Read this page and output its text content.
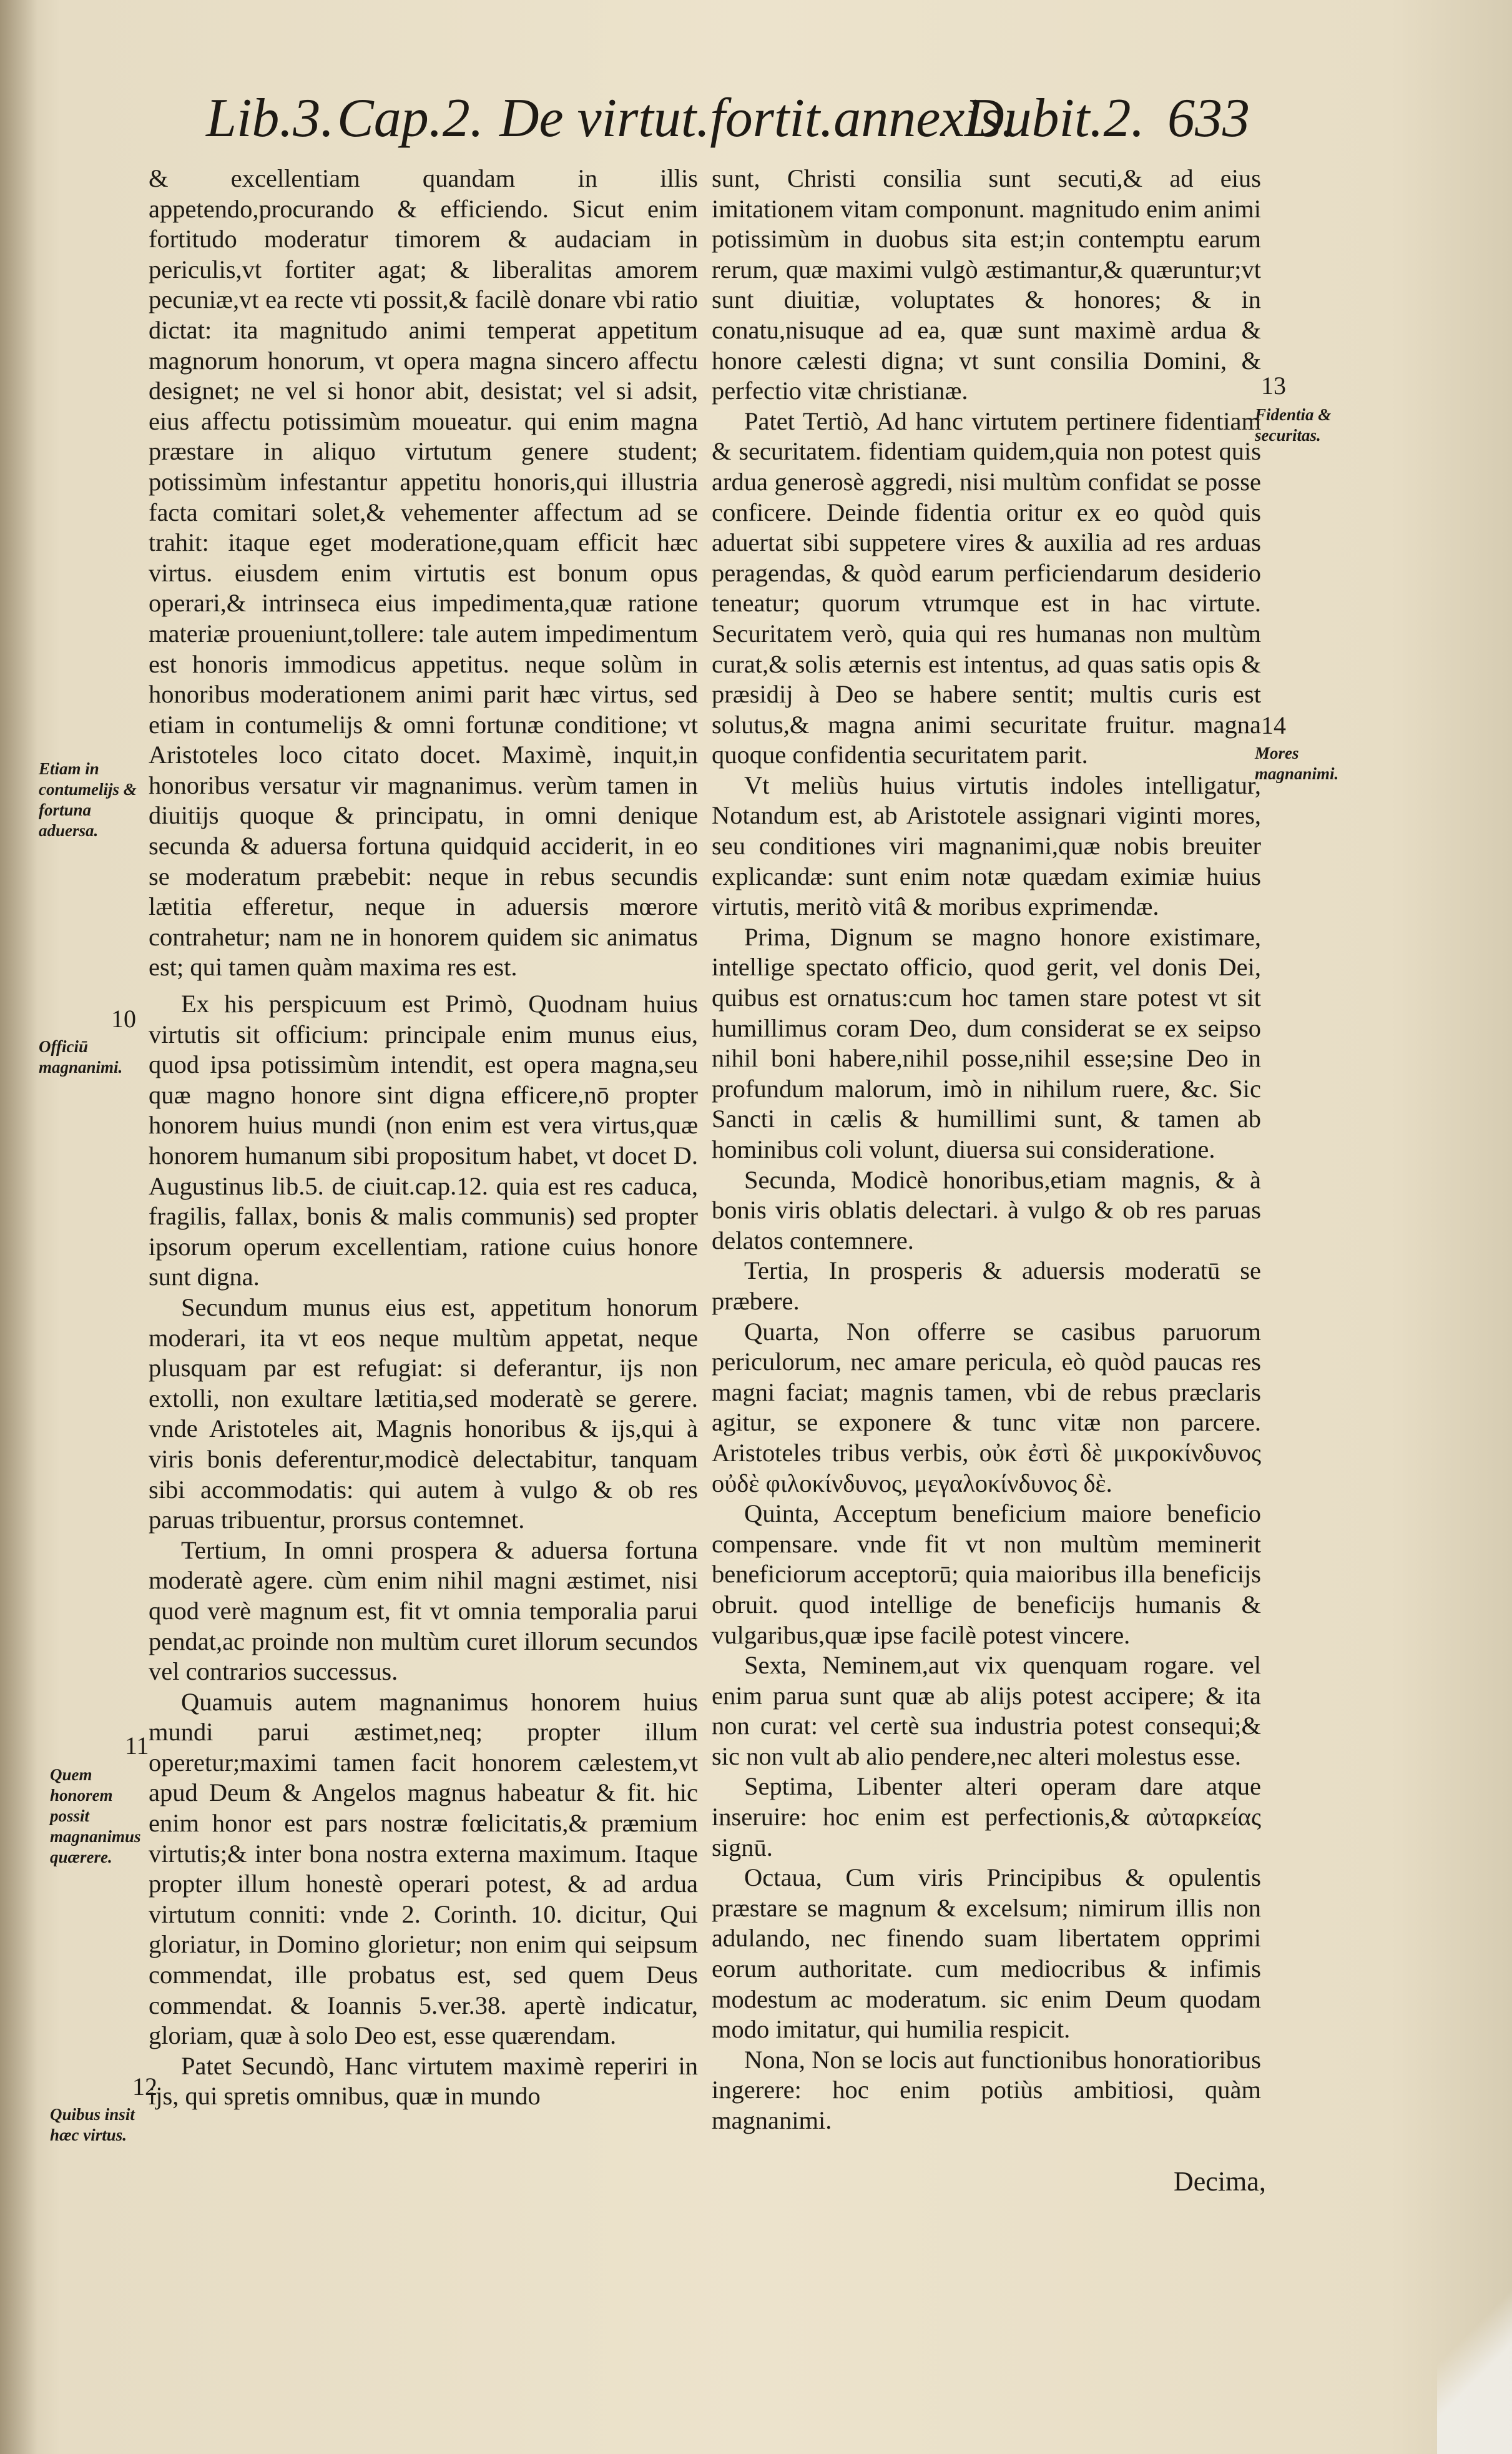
Lib.3. Cap.2. De virtut.fortit.annexis.
Dubit.2. 633

& excellentiam quandam in illis appetendo,procurando & efficiendo. Sicut enim fortitudo moderatur timorem & audaciam in periculis,vt fortiter agat; & liberalitas amorem pecuniæ,vt ea recte vti possit,& facilè donare vbi ratio dictat: ita magnitudo animi temperat appetitum magnorum honorum, vt opera magna sincero affectu designet; ne vel si honor abit, desistat; vel si adsit, eius affectu potissimùm moueatur. qui enim magna præstare in aliquo virtutum genere student; potissimùm infestantur appetitu honoris,qui illustria facta comitari solet,& vehementer affectum ad se trahit: itaque eget moderatione,quam efficit hæc virtus. eiusdem enim virtutis est bonum opus operari,& intrinseca eius impedimenta,quæ ratione materiæ proueniunt,tollere: tale autem impedimentum est honoris immodicus appetitus. neque solùm in honoribus moderationem animi parit hæc virtus, sed etiam in contumelijs & omni fortunæ conditione; vt Aristoteles loco citato docet. Maximè, inquit,in honoribus versatur vir magnanimus. verùm tamen in diuitijs quoque & principatu, in omni denique secunda & aduersa fortuna quidquid acciderit, in eo se moderatum præbebit: neque in rebus secundis lætitia efferetur, neque in aduersis mœrore contrahetur; nam ne in honorem quidem sic animatus est; qui tamen quàm maxima res est.

Ex his perspicuum est Primò, Quodnam huius virtutis sit officium: principale enim munus eius, quod ipsa potissimùm intendit, est opera magna,seu quæ magno honore sint digna efficere,nō propter honorem huius mundi (non enim est vera virtus,quæ honorem humanum sibi propositum habet, vt docet D. Augustinus lib.5. de ciuit.cap.12. quia est res caduca, fragilis, fallax, bonis & malis communis) sed propter ipsorum operum excellentiam, ratione cuius honore sunt digna.

Secundum munus eius est, appetitum honorum moderari, ita vt eos neque multùm appetat, neque plusquam par est refugiat: si deferantur, ijs non extolli, non exultare lætitia,sed moderatè se gerere. vnde Aristoteles ait, Magnis honoribus & ijs,qui à viris bonis deferentur,modicè delectabitur, tanquam sibi accommodatis: qui autem à vulgo & ob res paruas tribuentur, prorsus contemnet.

Tertium, In omni prospera & aduersa fortuna moderatè agere. cùm enim nihil magni æstimet, nisi quod verè magnum est, fit vt omnia temporalia parui pendat,ac proinde non multùm curet illorum secundos vel contrarios successus.

Quamuis autem magnanimus honorem huius mundi parui æstimet,neq; propter illum operetur;maximi tamen facit honorem cælestem,vt apud Deum & Angelos magnus habeatur & fit. hic enim honor est pars nostræ fœlicitatis,& præmium virtutis;& inter bona nostra externa maximum. Itaque propter illum honestè operari potest, & ad ardua virtutum conniti: vnde 2. Corinth. 10. dicitur, Qui gloriatur, in Domino glorietur; non enim qui seipsum commendat, ille probatus est, sed quem Deus commendat. & Ioannis 5.ver.38. apertè indicatur, gloriam, quæ à solo Deo est, esse quærendam.

Patet Secundò, Hanc virtutem maximè reperiri in ijs, qui spretis omnibus, quæ in mundo

sunt, Christi consilia sunt secuti,& ad eius imitationem vitam componunt. magnitudo enim animi potissimùm in duobus sita est;in contemptu earum rerum, quæ maximi vulgò æstimantur,& quæruntur;vt sunt diuitiæ, voluptates & honores; & in conatu,nisuque ad ea, quæ sunt maximè ardua & honore cælesti digna; vt sunt consilia Domini, & perfectio vitæ christianæ.

Patet Tertiò, Ad hanc virtutem pertinere fidentiam & securitatem. fidentiam quidem,quia non potest quis ardua generosè aggredi, nisi multùm confidat se posse conficere. Deinde fidentia oritur ex eo quòd quis aduertat sibi suppetere vires & auxilia ad res arduas peragendas, & quòd earum perficiendarum desiderio teneatur; quorum vtrumque est in hac virtute. Securitatem verò, quia qui res humanas non multùm curat,& solis æternis est intentus, ad quas satis opis & præsidij à Deo se habere sentit; multis curis est solutus,& magna animi securitate fruitur. magna quoque confidentia securitatem parit.

Vt meliùs huius virtutis indoles intelligatur, Notandum est, ab Aristotele assignari viginti mores, seu conditiones viri magnanimi,quæ nobis breuiter explicandæ: sunt enim notæ quædam eximiæ huius virtutis, meritò vitâ & moribus exprimendæ.

Prima, Dignum se magno honore existimare, intellige spectato officio, quod gerit, vel donis Dei, quibus est ornatus:cum hoc tamen stare potest vt sit humillimus coram Deo, dum considerat se ex seipso nihil boni habere,nihil posse,nihil esse;sine Deo in profundum malorum, imò in nihilum ruere, &c. Sic Sancti in cælis & humillimi sunt, & tamen ab hominibus coli volunt, diuersa sui consideratione.

Secunda, Modicè honoribus,etiam magnis, & à bonis viris oblatis delectari. à vulgo & ob res paruas delatos contemnere.

Tertia, In prosperis & aduersis moderatū se præbere.

Quarta, Non offerre se casibus paruorum periculorum, nec amare pericula, eò quòd paucas res magni faciat; magnis tamen, vbi de rebus præclaris agitur, se exponere & tunc vitæ non parcere. Aristoteles tribus verbis, οὐκ ἐστὶ δὲ μικροκίνδυνος οὐδὲ φιλοκίνδυνος, μεγαλοκίνδυνος δὲ.

Quinta, Acceptum beneficium maiore beneficio compensare. vnde fit vt non multùm meminerit beneficiorum acceptorū; quia maioribus illa beneficijs obruit. quod intellige de beneficijs humanis & vulgaribus,quæ ipse facilè potest vincere.

Sexta, Neminem,aut vix quenquam rogare. vel enim parua sunt quæ ab alijs potest accipere; & ita non curat: vel certè sua industria potest consequi;& sic non vult ab alio pendere,nec alteri molestus esse.

Septima, Libenter alteri operam dare atque inseruire: hoc enim est perfectionis,& αὐταρκείας signū.

Octaua, Cum viris Principibus & opulentis præstare se magnum & excelsum; nimirum illis non adulando, nec finendo suam libertatem opprimi eorum authoritate. cum mediocribus & infimis modestum ac moderatum. sic enim Deum quodam modo imitatur, qui humilia respicit.

Nona, Non se locis aut functionibus honoratioribus ingerere: hoc enim potiùs ambitiosi, quàm magnanimi.

Etiam in contumelijs & fortuna aduersa.
10
Officiū magnanimi.
11
Quem honorem possit magnanimus quærere.
12
Quibus insit hæc virtus.
13
Fidentia & securitas.
14
Mores magnanimi.
Decima,
